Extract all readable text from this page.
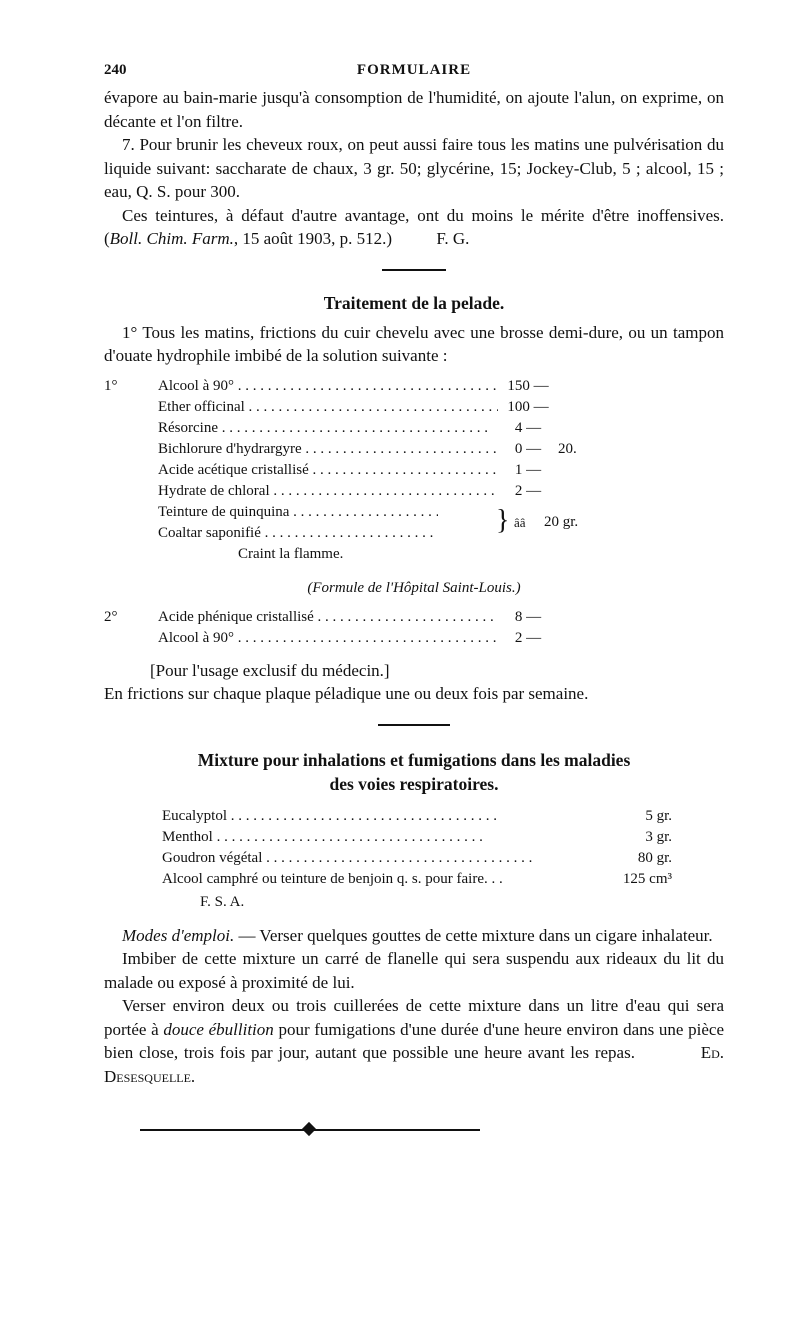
240	FORMULAIRE

évapore au bain-marie jusqu'à consomption de l'humidité, on ajoute l'alun, on exprime, on décante et l'on filtre.

7. Pour brunir les cheveux roux, on peut aussi faire tous les matins une pulvérisation du liquide suivant: saccharate de chaux, 3 gr. 50; glycérine, 15; Jockey-Club, 5 ; alcool, 15 ; eau, Q. S. pour 300.

Ces teintures, à défaut d'autre avantage, ont du moins le mérite d'être inoffensives. (Boll. Chim. Farm., 15 août 1903, p. 512.)	F. G.

Traitement de la pelade.

1° Tous les matins, frictions du cuir chevelu avec une brosse demi-dure, ou un tampon d'ouate hydrophile imbibé de la solution suivante :

1°	Alcool à 90° . . .	150 —
Ether officinal . . .	100 —
Résorcine . . .	4 —
Bichlorure d'hydrargyre . . .	0 —	20.
Acide acétique cristallisé . . .	1 —
Hydrate de chloral . . .	2 —
Teinture de quinquina . . .
Coaltar saponifié . . .	} ââ 20 gr.
Craint la flamme.
(Formule de l'Hôpital Saint-Louis.)
2°	Acide phénique cristallisé . . .	8 —
Alcool à 90° . . .	2 —

[Pour l'usage exclusif du médecin.]

En frictions sur chaque plaque péladique une ou deux fois par semaine.

Mixture pour inhalations et fumigations dans les maladies
des voies respiratoires.
Eucalyptol . . .	5 gr.
Menthol . . .	3 gr.
Goudron végétal . . .	80 gr.
Alcool camphré ou teinture de benjoin q. s. pour faire. . .	125 cm³
F. S. A.

Modes d'emploi. — Verser quelques gouttes de cette mixture dans un cigare inhalateur.

Imbiber de cette mixture un carré de flanelle qui sera suspendu aux rideaux du lit du malade ou exposé à proximité de lui.

Verser environ deux ou trois cuillerées de cette mixture dans un litre d'eau qui sera portée à douce ébullition pour fumigations d'une durée d'une heure environ dans une pièce bien close, trois fois par jour, autant que possible une heure avant les repas.	Ed. Desesquelle.
